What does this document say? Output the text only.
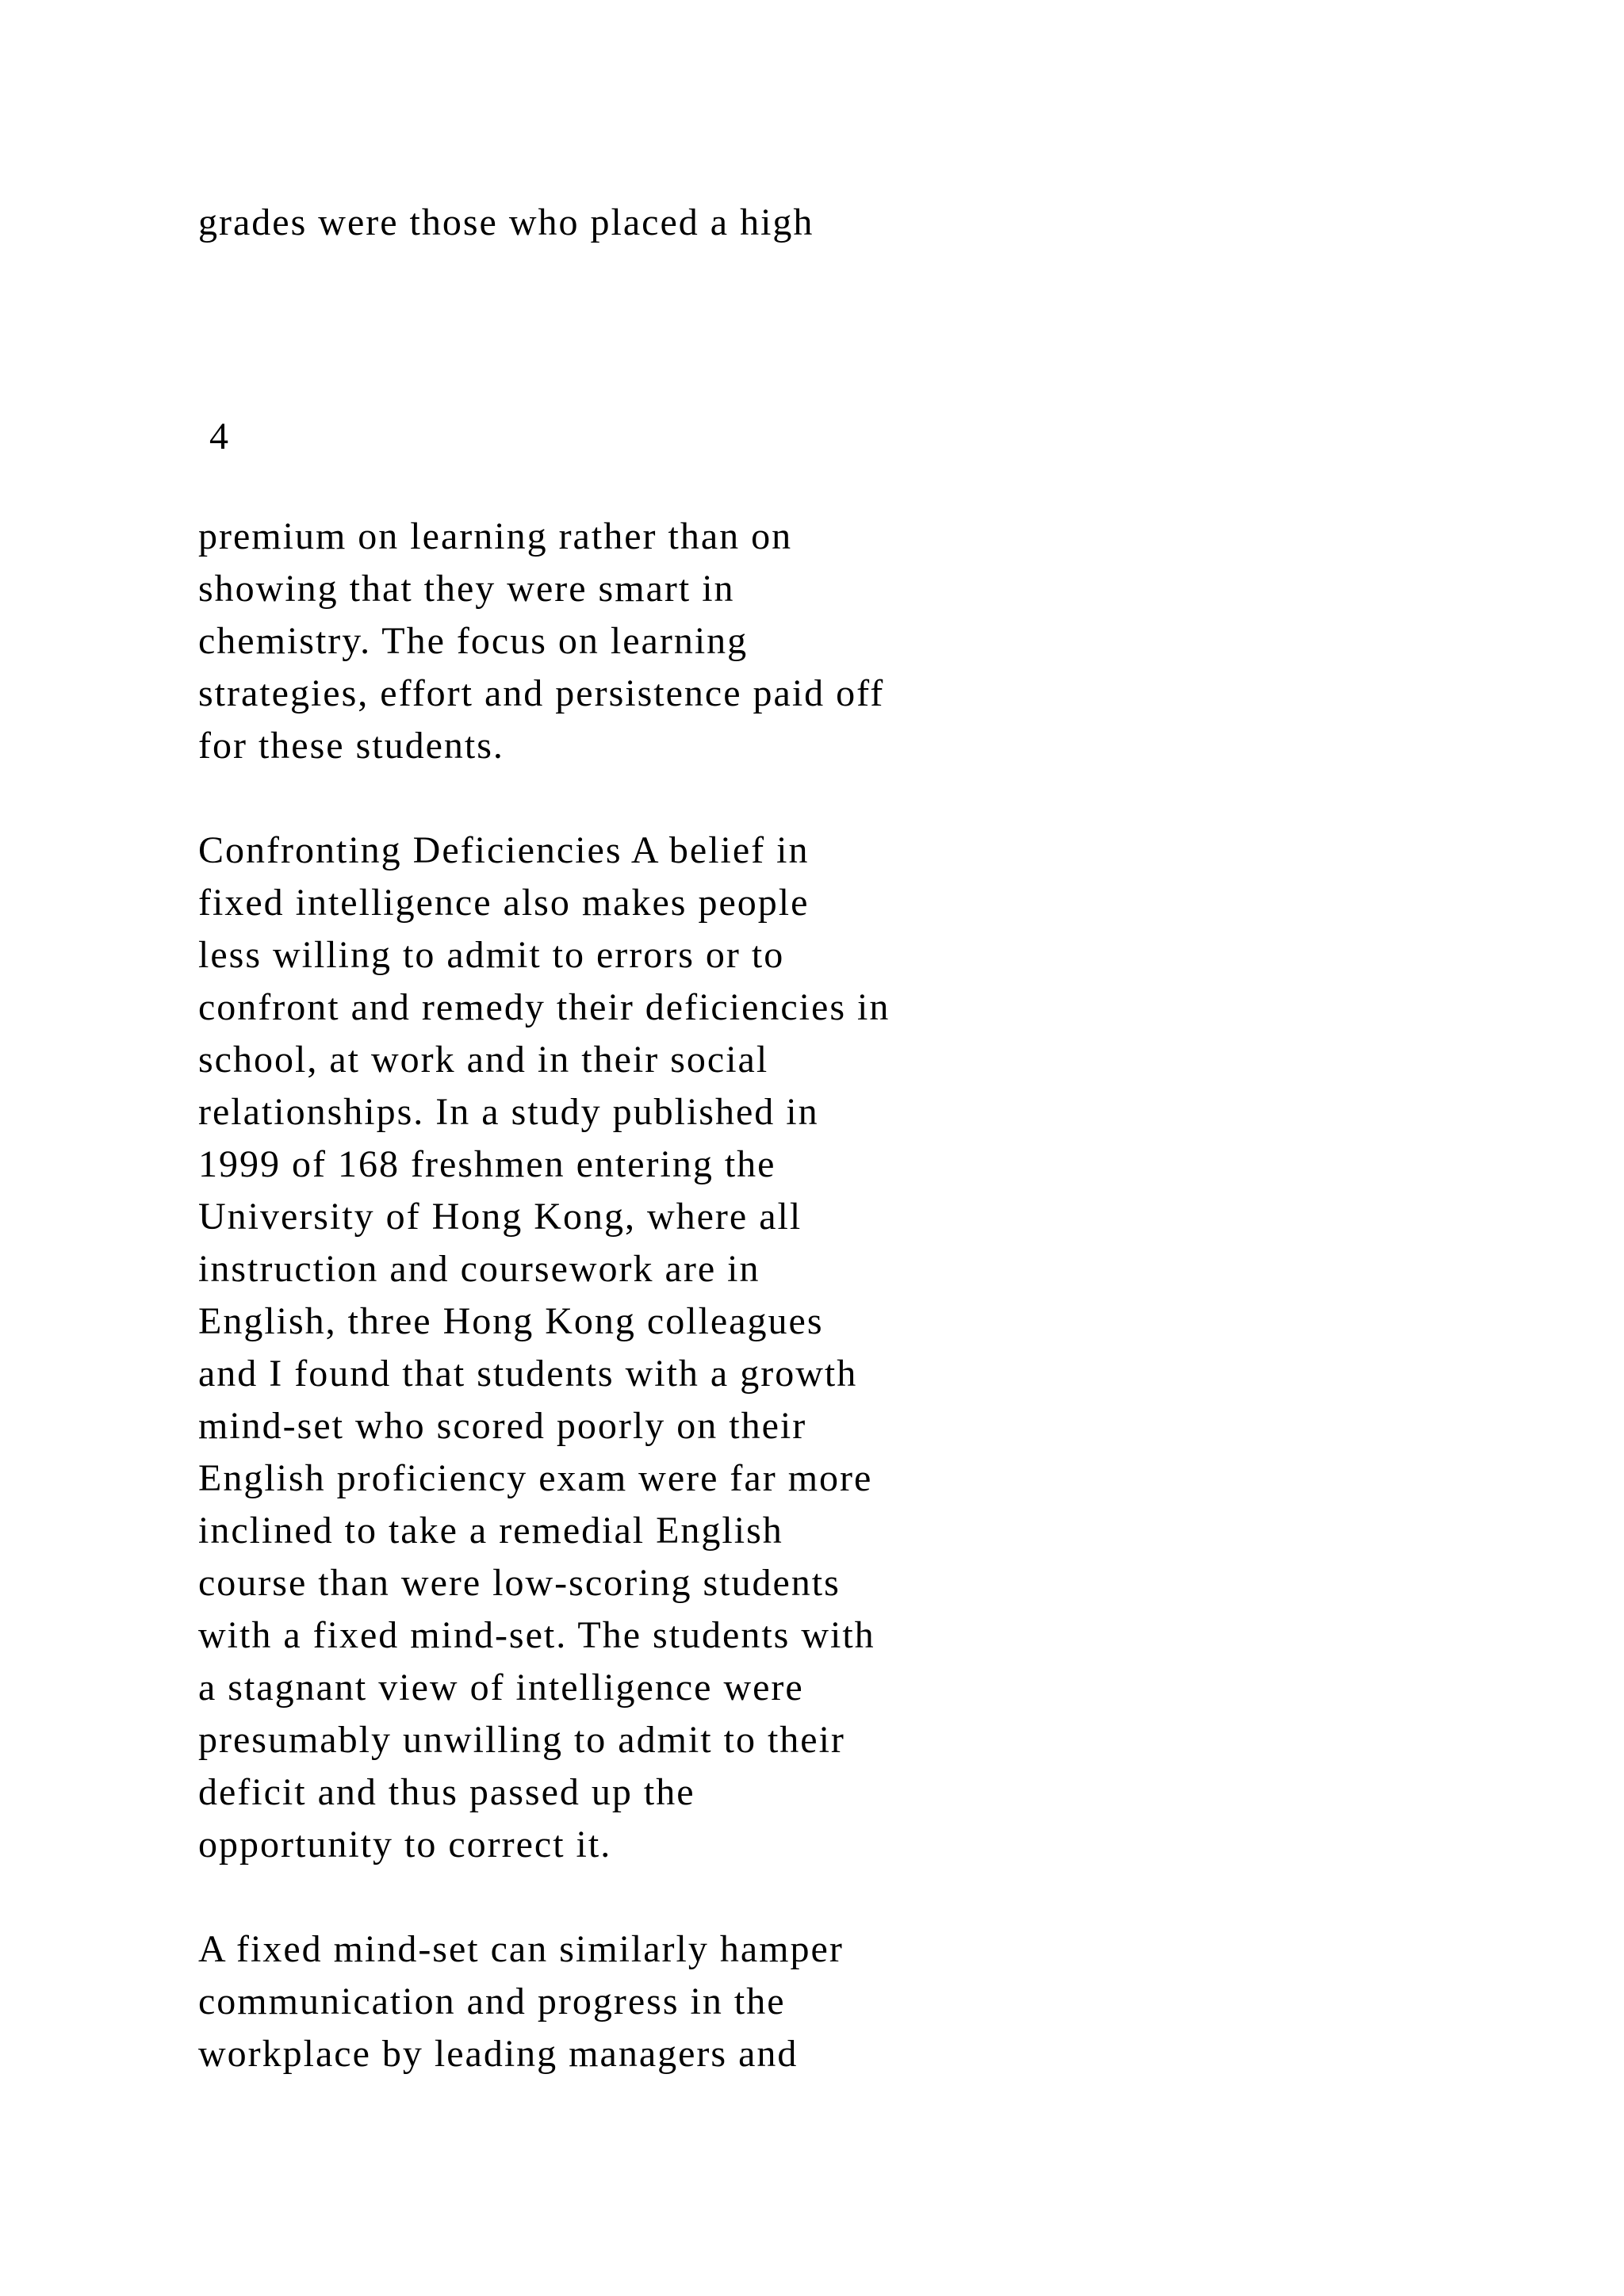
grades were those who placed a high
4
premium on learning rather than on
showing that they were smart in
chemistry. The focus on learning
strategies, effort and persistence paid off
for these students.
Confronting Deficiencies A belief in
fixed intelligence also makes people
less willing to admit to errors or to
confront and remedy their deficiencies in
school, at work and in their social
relationships. In a study published in
1999 of 168 freshmen entering the
University of Hong Kong, where all
instruction and coursework are in
English, three Hong Kong colleagues
and I found that students with a growth
mind-set who scored poorly on their
English proficiency exam were far more
inclined to take a remedial English
course than were low-scoring students
with a fixed mind-set. The students with
a stagnant view of intelligence were
presumably unwilling to admit to their
deficit and thus passed up the
opportunity to correct it.
A fixed mind-set can similarly hamper
communication and progress in the
workplace by leading managers and
